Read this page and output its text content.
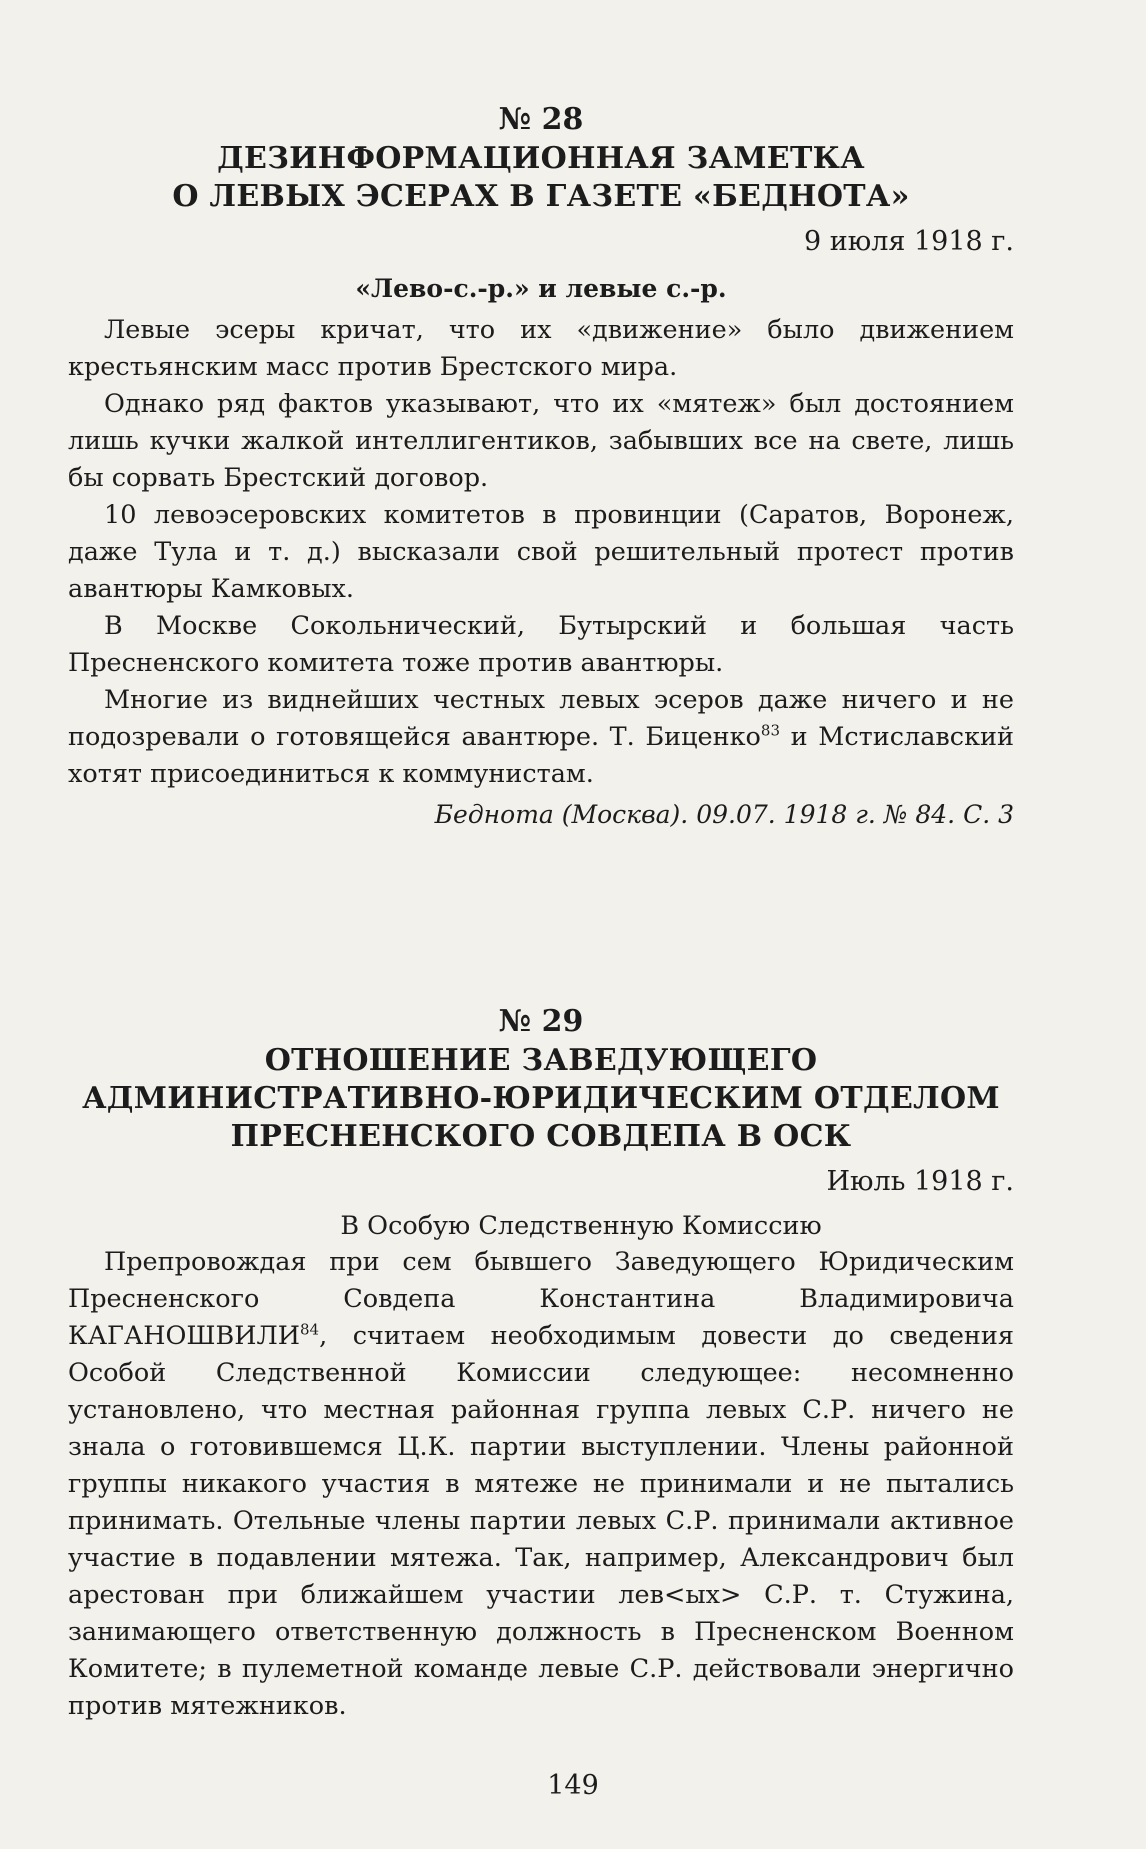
№ 28
ДЕЗИНФОРМАЦИОННАЯ ЗАМЕТКА
О ЛЕВЫХ ЭСЕРАХ В ГАЗЕТЕ «БЕДНОТА»
9 июля 1918 г.
«Лево-с.-р.» и левые с.-р.

Левые эсеры кричат, что их «движение» было движением крестьянским масс против Брестского мира.

Однако ряд фактов указывают, что их «мятеж» был достоянием лишь кучки жалкой интеллигентиков, забывших все на свете, лишь бы сорвать Брестский договор.

10 левоэсеровских комитетов в провинции (Саратов, Воронеж, даже Тула и т. д.) высказали свой решительный протест против авантюры Камковых.

В Москве Сокольнический, Бутырский и большая часть Пресненского комитета тоже против авантюры.

Многие из виднейших честных левых эсеров даже ничего и не подозревали о готовящейся авантюре. Т. Биценко$^{83}$ и Мстиславский хотят присоединиться к коммунистам.

Беднота (Москва). 09.07. 1918 г. № 84. С. 3
№ 29
ОТНОШЕНИЕ ЗАВЕДУЮЩЕГО
АДМИНИСТРАТИВНО-ЮРИДИЧЕСКИМ ОТДЕЛОМ
ПРЕСНЕНСКОГО СОВДЕПА В ОСК
Июль 1918 г.
В Особую Следственную Комиссию

Препровождая при сем бывшего Заведующего Юридическим Пресненского Совдепа Константина Владимировича КАГАНОШВИЛИ$^{84}$, считаем необходимым довести до сведения Особой Следственной Комиссии следующее: несомненно установлено, что местная районная группа левых С.Р. ничего не знала о готовившемся Ц.К. партии выступлении. Члены районной группы никакого участия в мятеже не принимали и не пытались принимать. Отельные члены партии левых С.Р. принимали активное участие в подавлении мятежа. Так, например, Александрович был арестован при ближайшем участии лев<ых> С.Р. т. Стужина, занимающего ответственную должность в Пресненском Военном Комитете; в пулеметной команде левые С.Р. действовали энергично против мятежников.

149
